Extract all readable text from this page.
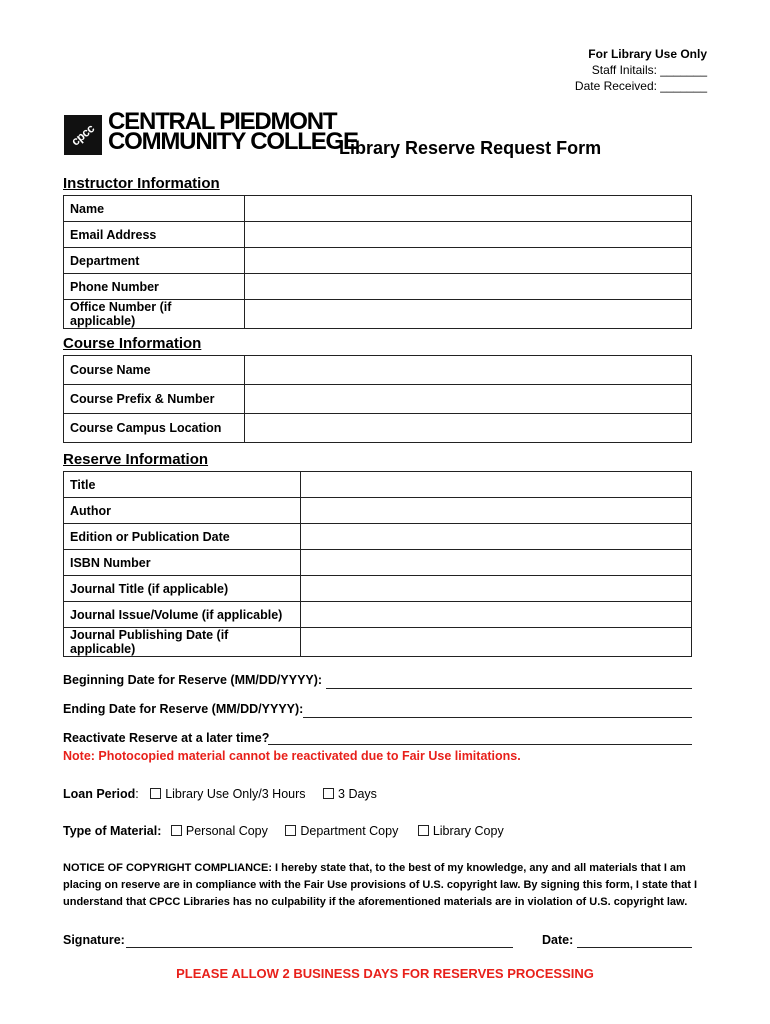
For Library Use Only
Staff Initails: _______
Date Received: _______
cpcc CENTRAL PIEDMONT
COMMUNITY COLLEGE
Library Reserve Request Form
Instructor Information
Name	
Email Address	
Department	
Phone Number	
Office Number (if applicable)	
Course Information
Course Name	
Course Prefix & Number	
Course Campus Location	
Reserve Information
Title	
Author	
Edition or Publication Date	
ISBN Number	
Journal Title (if applicable)	
Journal Issue/Volume (if applicable)	
Journal Publishing Date (if applicable)	
Beginning Date for Reserve (MM/DD/YYYY):
Ending Date for Reserve (MM/DD/YYYY):
Reactivate Reserve at a later time?
Note: Photocopied material cannot be reactivated due to Fair Use limitations.
Loan Period: Library Use Only/3 Hours	3 Days
Type of Material: Personal Copy	Department Copy	Library Copy
NOTICE OF COPYRIGHT COMPLIANCE: I hereby state that, to the best of my knowledge, any and all materials that I am placing on reserve are in compliance with the Fair Use provisions of U.S. copyright law. By signing this form, I state that I understand that CPCC Libraries has no culpability if the aforementioned materials are in violation of U.S. copyright law.
Signature:	Date:
PLEASE ALLOW 2 BUSINESS DAYS FOR RESERVES PROCESSING
